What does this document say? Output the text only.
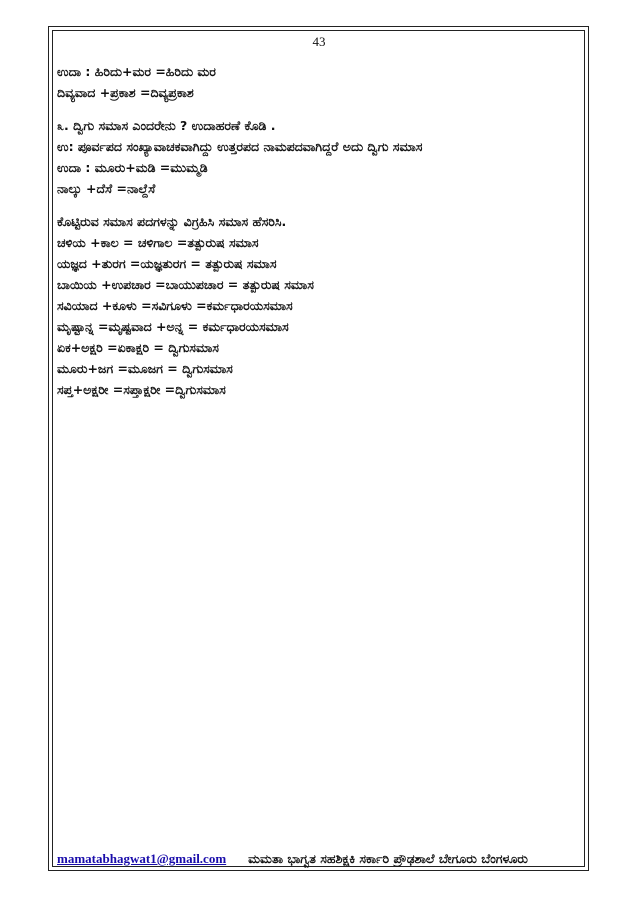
43
ಉದಾ : ಹಿರಿದು+ಮರ =ಹಿರಿದು ಮರ
ದಿವ್ಯವಾದ +ಪ್ರಕಾಶ =ದಿವ್ಯಪ್ರಕಾಶ
೩. ದ್ವಿಗು ಸಮಾಸ ಎಂದರೇನು ? ಉದಾಹರಣೆ ಕೊಡಿ .
ಉ: ಪೂರ್ವಪದ ಸಂಖ್ಯಾವಾಚಕವಾಗಿದ್ದು ಉತ್ತರಪದ ನಾಮಪದವಾಗಿದ್ದರೆ ಅದು ದ್ವಿಗು ಸಮಾಸ
ಉದಾ : ಮೂರು+ಮಡಿ =ಮುಮ್ಮಡಿ
ನಾಲ್ಕು +ದೆಸೆ =ನಾಲ್ದೆಸೆ
ಕೊಟ್ಟಿರುವ ಸಮಾಸ ಪದಗಳನ್ನು ವಿಗ್ರಹಿಸಿ ಸಮಾಸ ಹೆಸರಿಸಿ.
ಚಳಿಯ +ಕಾಲ = ಚಳಿಗಾಲ =ತತ್ಪುರುಷ ಸಮಾಸ
ಯಜ್ಞದ +ತುರಗ =ಯಜ್ಞತುರಗ = ತತ್ಪುರುಷ ಸಮಾಸ
ಬಾಯಿಯ +ಉಪಚಾರ =ಬಾಯುಪಚಾರ = ತತ್ಪುರುಷ ಸಮಾಸ
ಸವಿಯಾದ +ಕೂಳು =ಸವಿಗೂಳು =ಕರ್ಮಧಾರಯಸಮಾಸ
ಮೃಷ್ಟಾನ್ನ =ಮೃಷ್ಟವಾದ +ಅನ್ನ = ಕರ್ಮಧಾರಯಸಮಾಸ
ಏಕ+ಅಕ್ಷರಿ =ಏಕಾಕ್ಷರಿ = ದ್ವಿಗುಸಮಾಸ
ಮೂರು+ಜಗ =ಮೂಜಗ = ದ್ವಿಗುಸಮಾಸ
ಸಪ್ತ+ಅಕ್ಷರೀ =ಸಪ್ತಾಕ್ಷರೀ =ದ್ವಿಗುಸಮಾಸ
mamatabhagwat1@gmail.com ಮಮತಾ ಭಾಗ್ವತ ಸಹಶಿಕ್ಷಕಿ ಸರ್ಕಾರಿ ಪ್ರೌಢಶಾಲೆ ಬೇಗೂರು ಬೆಂಗಳೂರು
